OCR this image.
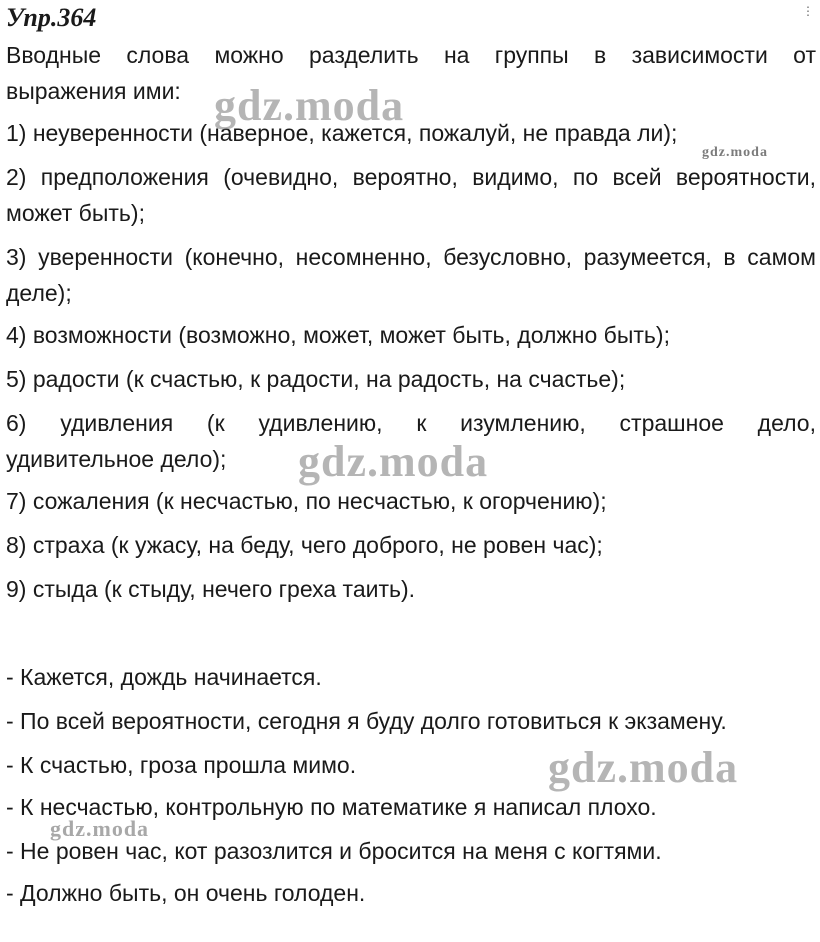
Упр.364
Вводные слова можно разделить на группы в зависимости от
выражения ими:
1) неуверенности (наверное, кажется, пожалуй, не правда ли);
2) предположения (очевидно, вероятно, видимо, по всей вероятности,
может быть);
3) уверенности (конечно, несомненно, безусловно, разумеется, в самом
деле);
4) возможности (возможно, может, может быть, должно быть);
5) радости (к счастью, к радости, на радость, на счастье);
6) удивления (к удивлению, к изумлению, страшное дело,
удивительное дело);
7) сожаления (к несчастью, по несчастью, к огорчению);
8) страха (к ужасу, на беду, чего доброго, не ровен час);
9) стыда (к стыду, нечего греха таить).
- Кажется, дождь начинается.
- По всей вероятности, сегодня я буду долго готовиться к экзамену.
- К счастью, гроза прошла мимо.
- К несчастью, контрольную по математике я написал плохо.
- Не ровен час, кот разозлится и бросится на меня с когтями.
- Должно быть, он очень голоден.
gdz.moda
gdz.moda
gdz.moda
gdz.moda
gdz.moda
⋮
